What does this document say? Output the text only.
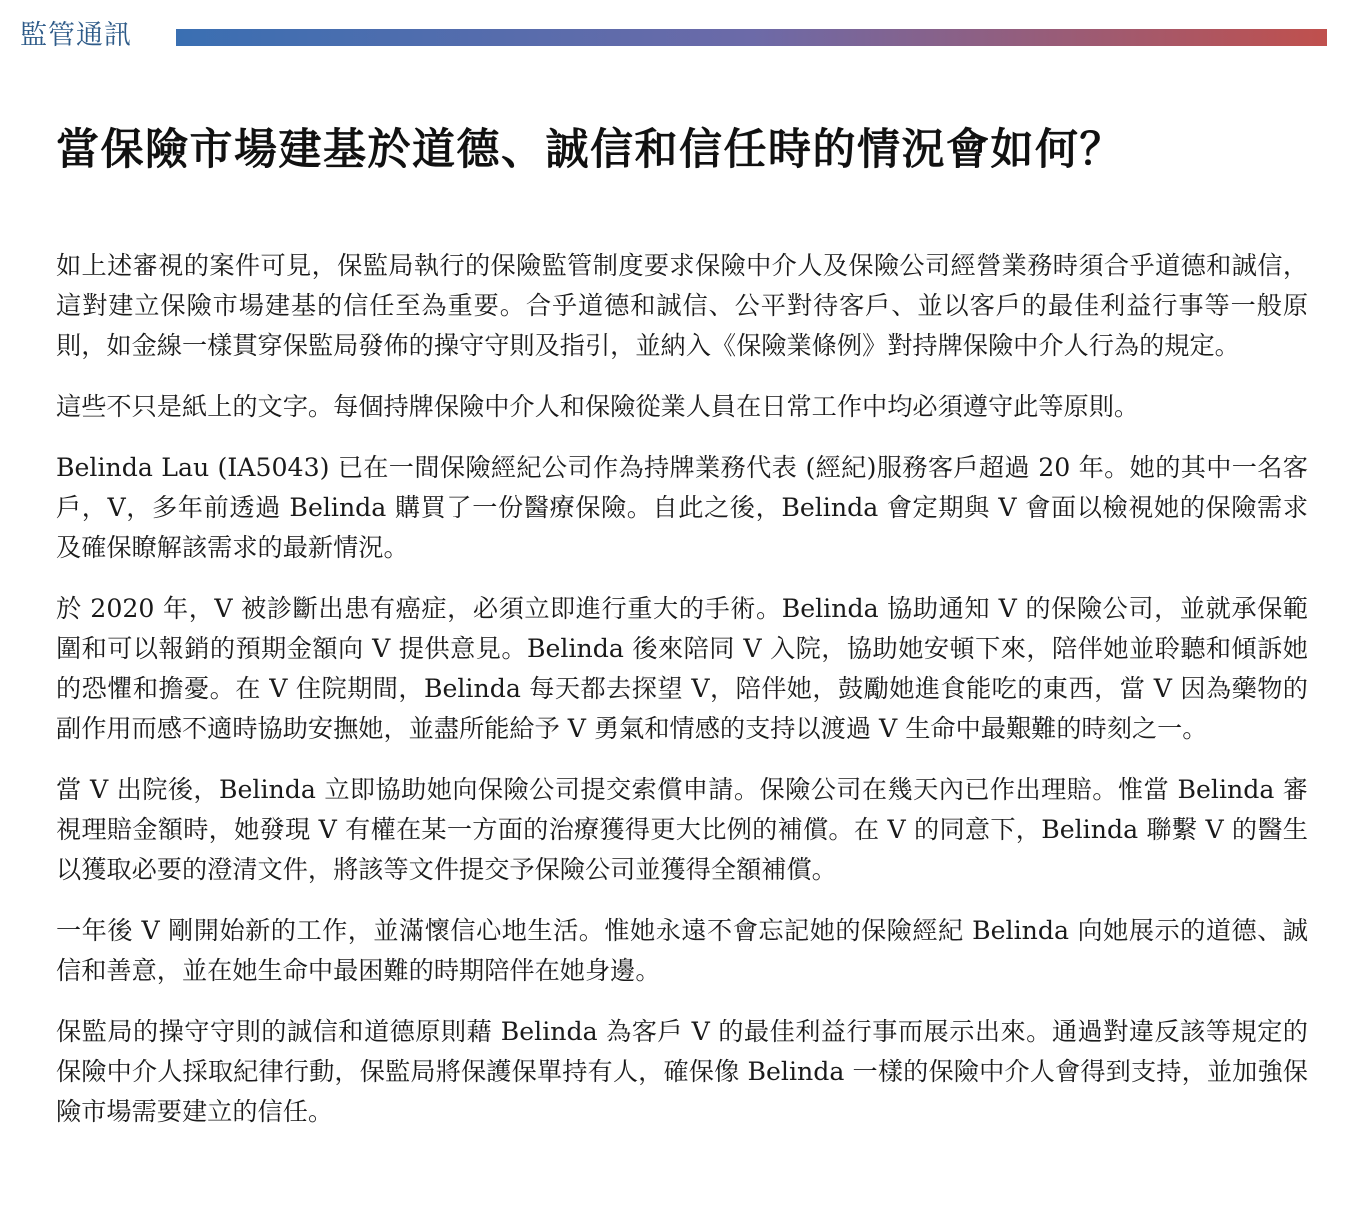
監管通訊
當保險市場建基於道德、誠信和信任時的情況會如何？

如上述審視的案件可見，保監局執行的保險監管制度要求保險中介人及保險公司經營業務時須合乎道德和誠信，這對建立保險市場建基的信任至為重要。合乎道德和誠信、公平對待客戶、並以客戶的最佳利益行事等一般原則，如金線一樣貫穿保監局發佈的操守守則及指引，並納入《保險業條例》對持牌保險中介人行為的規定。

這些不只是紙上的文字。每個持牌保險中介人和保險從業人員在日常工作中均必須遵守此等原則。

Belinda Lau (IA5043) 已在一間保險經紀公司作為持牌業務代表 (經紀)服務客戶超過 20 年。她的其中一名客戶，V，多年前透過 Belinda 購買了一份醫療保險。自此之後，Belinda 會定期與 V 會面以檢視她的保險需求及確保瞭解該需求的最新情況。

於 2020 年，V 被診斷出患有癌症，必須立即進行重大的手術。Belinda 協助通知 V 的保險公司，並就承保範圍和可以報銷的預期金額向 V 提供意見。Belinda 後來陪同 V 入院，協助她安頓下來，陪伴她並聆聽和傾訴她的恐懼和擔憂。在 V 住院期間，Belinda 每天都去探望 V，陪伴她，鼓勵她進食能吃的東西，當 V 因為藥物的副作用而感不適時協助安撫她，並盡所能給予 V 勇氣和情感的支持以渡過 V 生命中最艱難的時刻之一。

當 V 出院後，Belinda 立即協助她向保險公司提交索償申請。保險公司在幾天內已作出理賠。惟當 Belinda 審視理賠金額時，她發現 V 有權在某一方面的治療獲得更大比例的補償。在 V 的同意下，Belinda 聯繫 V 的醫生以獲取必要的澄清文件，將該等文件提交予保險公司並獲得全額補償。

一年後 V 剛開始新的工作，並滿懷信心地生活。惟她永遠不會忘記她的保險經紀 Belinda 向她展示的道德、誠信和善意，並在她生命中最困難的時期陪伴在她身邊。

保監局的操守守則的誠信和道德原則藉 Belinda 為客戶 V 的最佳利益行事而展示出來。通過對違反該等規定的保險中介人採取紀律行動，保監局將保護保單持有人，確保像 Belinda 一樣的保險中介人會得到支持，並加強保險市場需要建立的信任。
